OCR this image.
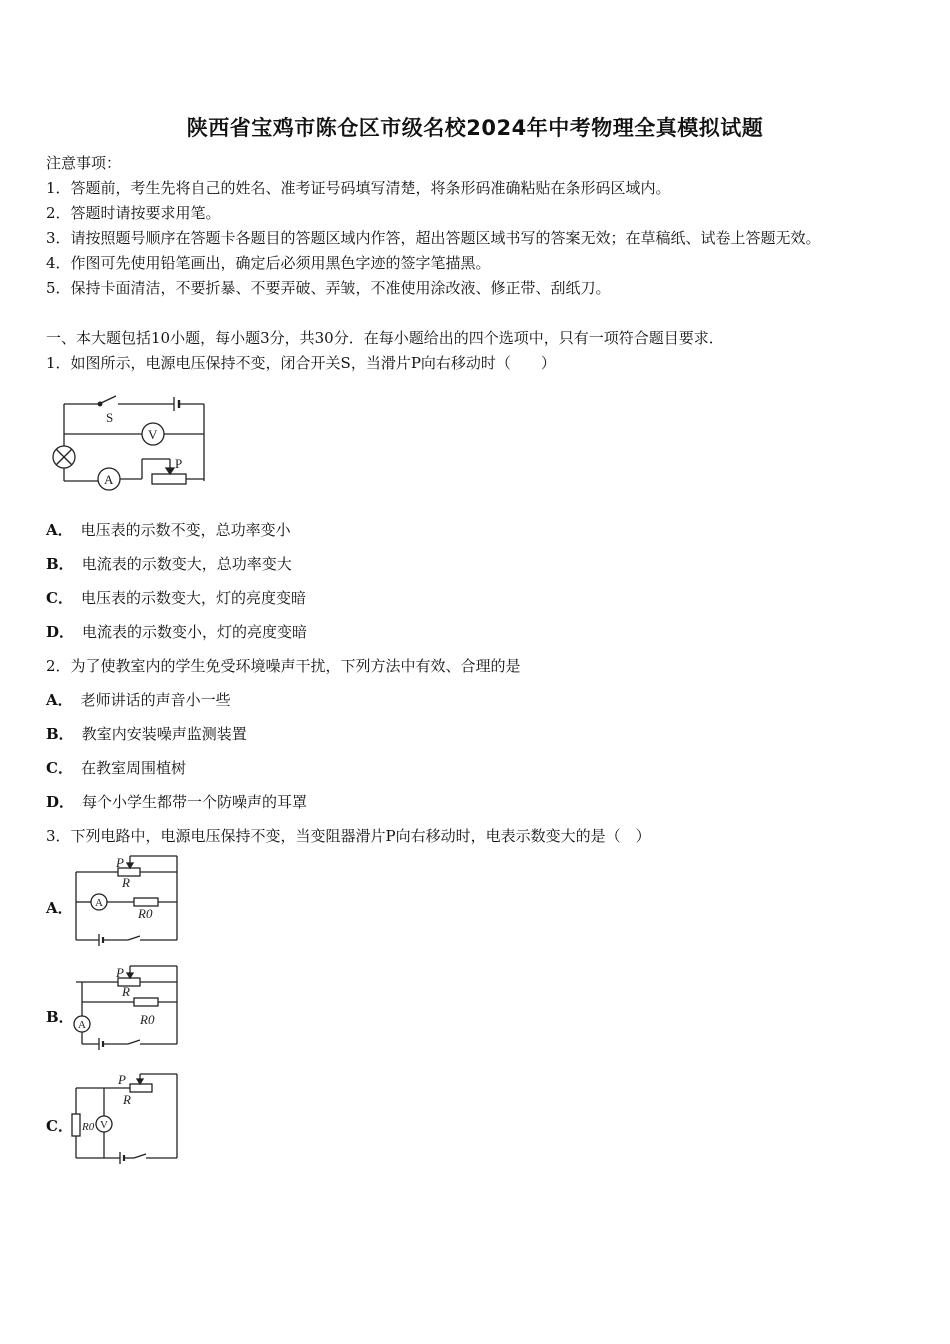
陕西省宝鸡市陈仓区市级名校2024年中考物理全真模拟试题
注意事项：
1．答题前，考生先将自己的姓名、准考证号码填写清楚，将条形码准确粘贴在条形码区域内。
2．答题时请按要求用笔。
3．请按照题号顺序在答题卡各题目的答题区域内作答，超出答题区域书写的答案无效；在草稿纸、试卷上答题无效。
4．作图可先使用铅笔画出，确定后必须用黑色字迹的签字笔描黑。
5．保持卡面清洁，不要折暴、不要弄破、弄皱，不准使用涂改液、修正带、刮纸刀。
一、本大题包括10小题，每小题3分，共30分．在每小题给出的四个选项中，只有一项符合题目要求．
1．如图所示，电源电压保持不变，闭合开关S，当滑片P向右移动时（　　）
S
V
A
P
A． 电压表的示数不变，总功率变小
B． 电流表的示数变大，总功率变大
C． 电压表的示数变大，灯的亮度变暗
D． 电流表的示数变小，灯的亮度变暗
2．为了使教室内的学生免受环境噪声干扰，下列方法中有效、合理的是
A． 老师讲话的声音小一些
B． 教室内安装噪声监测装置
C． 在教室周围植树
D． 每个小学生都带一个防噪声的耳罩
3．下列电路中，电源电压保持不变，当变阻器滑片P向右移动时，电表示数变大的是（　）
A．
P
R
A
R0
B．
P
R
R0
A
C．
P
R
R0 V
